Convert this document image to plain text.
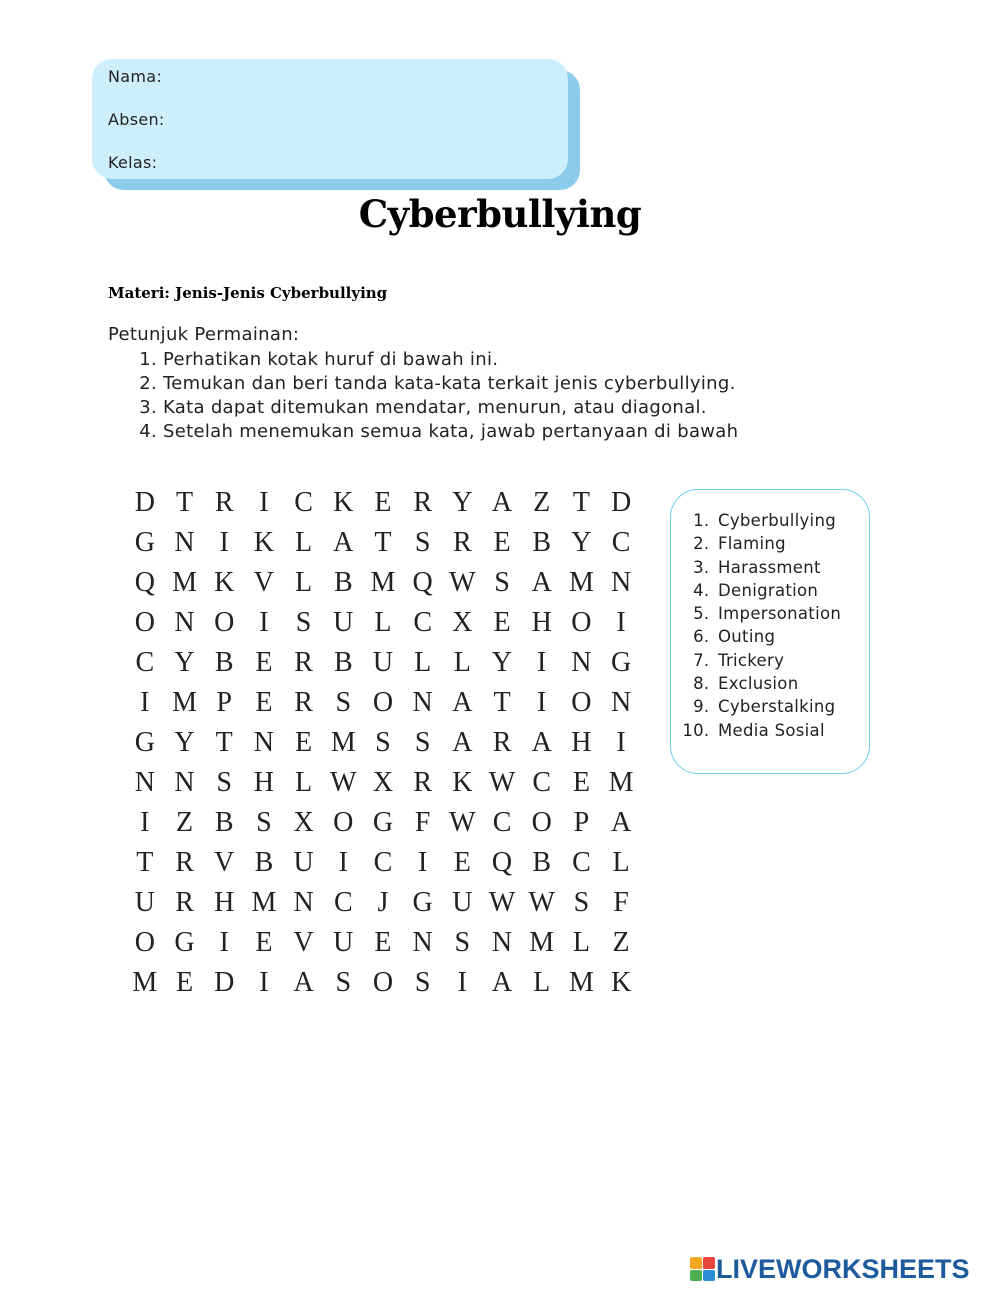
Nama:
Absen:
Kelas:
Cyberbullying
Materi: Jenis-Jenis Cyberbullying
Petunjuk Permainan:
1. Perhatikan kotak huruf di bawah ini.
2. Temukan dan beri tanda kata-kata terkait jenis cyberbullying.
3. Kata dapat ditemukan mendatar, menurun, atau diagonal.
4. Setelah menemukan semua kata, jawab pertanyaan di bawah
D T R I C K E R Y A Z T D
G N I K L A T S R E B Y C
Q M K V L B M Q W S A M N
O N O I S U L C X E H O I
C Y B E R B U L L Y I N G
I M P E R S O N A T I O N
G Y T N E M S S A R A H I
N N S H L W X R K W C E M
I Z B S X O G F W C O P A
T R V B U I C I E Q B C L
U R H M N C J G U W W S F
O G I E V U E N S N M L Z
M E D I A S O S I A L M K
1. Cyberbullying
2. Flaming
3. Harassment
4. Denigration
5. Impersonation
6. Outing
7. Trickery
8. Exclusion
9. Cyberstalking
10. Media Sosial
LIVEWORKSHEETS
